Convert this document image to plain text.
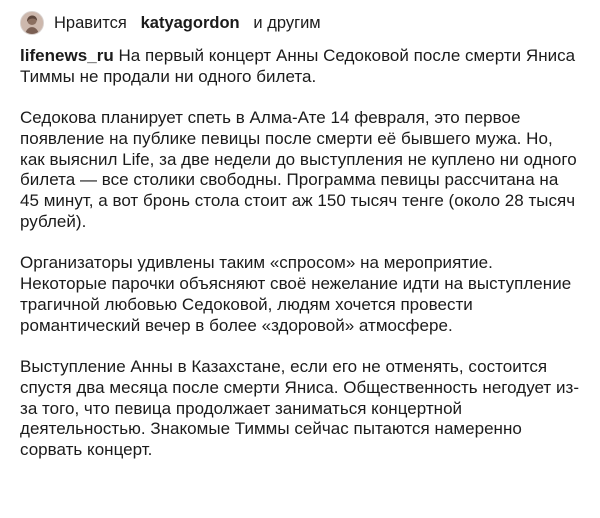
Нравится katyagordon и другим

lifenews_ru На первый концерт Анны Седоковой после смерти Яниса Тиммы не продали ни одного билета.

Седокова планирует спеть в Алма-Ате 14 февраля, это первое появление на публике певицы после смерти её бывшего мужа. Но, как выяснил Life, за две недели до выступления не куплено ни одного билета — все столики свободны. Программа певицы рассчитана на 45 минут, а вот бронь стола стоит аж 150 тысяч тенге (около 28 тысяч рублей).

Организаторы удивлены таким «спросом» на мероприятие. Некоторые парочки объясняют своё нежелание идти на выступление трагичной любовью Седоковой, людям хочется провести романтический вечер в более «здоровой» атмосфере.

Выступление Анны в Казахстане, если его не отменять, состоится спустя два месяца после смерти Яниса. Общественность негодует из-за того, что певица продолжает заниматься концертной деятельностью. Знакомые Тиммы сейчас пытаются намеренно сорвать концерт.
